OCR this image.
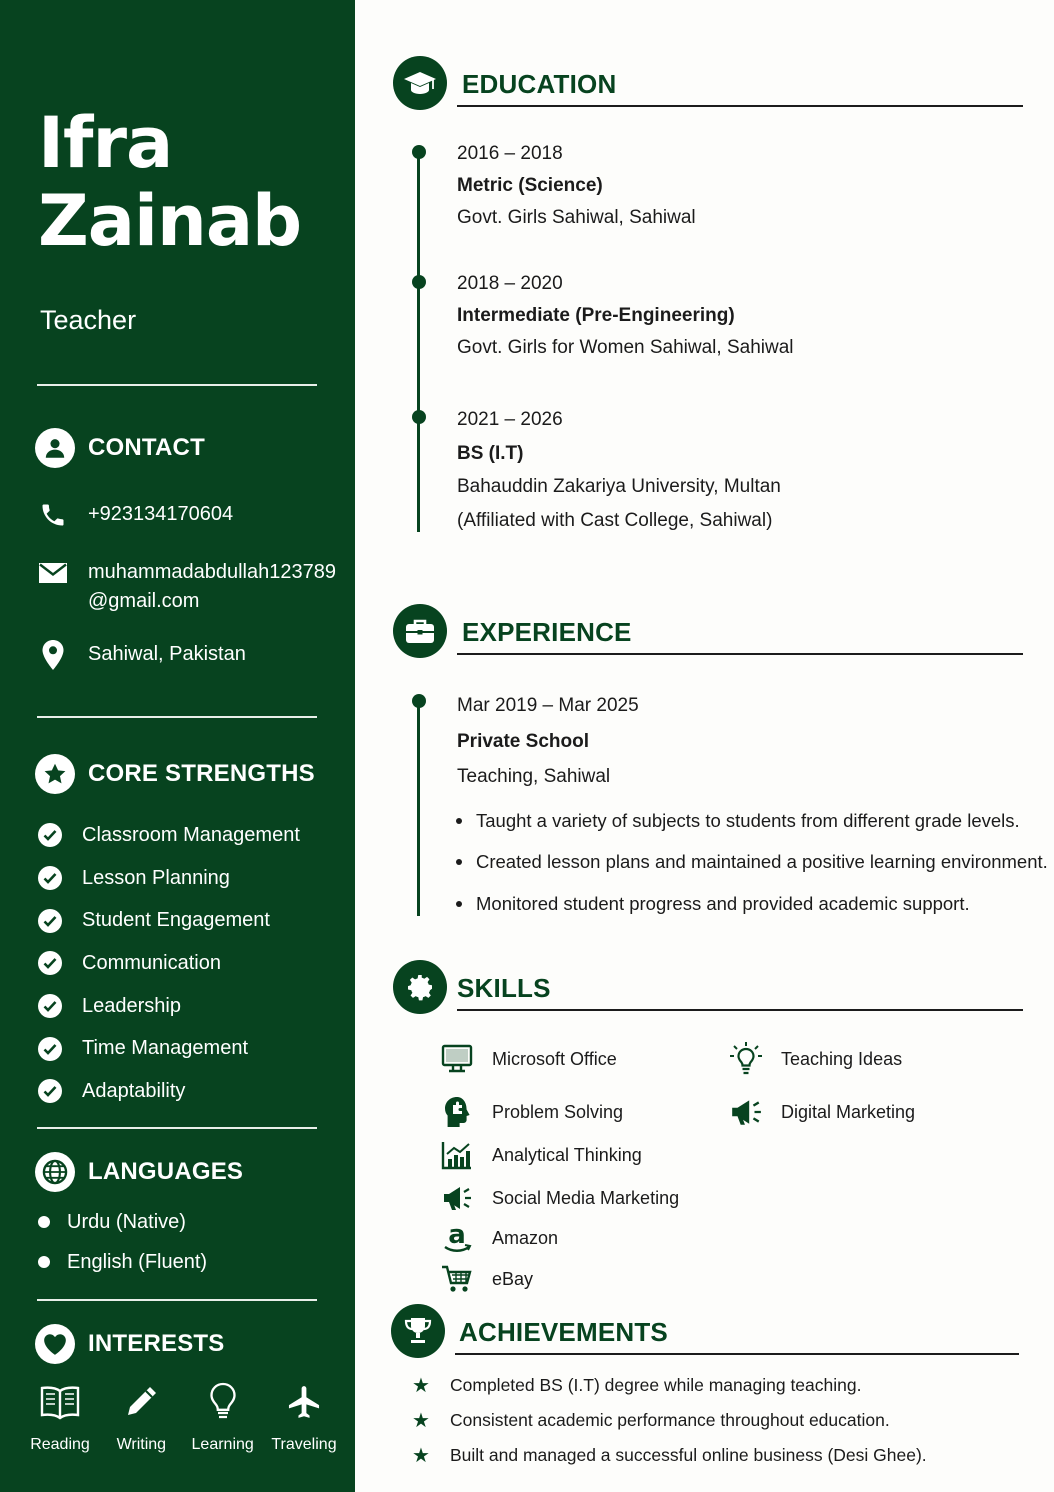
Ifra
Zainab
Teacher
CONTACT
+923134170604
muhammadabdullah123789
@gmail.com
Sahiwal, Pakistan
CORE STRENGTHS
Classroom Management
Lesson Planning
Student Engagement
Communication
Leadership
Time Management
Adaptability
LANGUAGES
Urdu (Native)
English (Fluent)
INTERESTS
Reading Writing Learning Traveling
EDUCATION
2016 – 2018
Metric (Science)
Govt. Girls Sahiwal, Sahiwal
2018 – 2020
Intermediate (Pre-Engineering)
Govt. Girls for Women Sahiwal, Sahiwal
2021 – 2026
BS (I.T)
Bahauddin Zakariya University, Multan
(Affiliated with Cast College, Sahiwal)
EXPERIENCE
Mar 2019 – Mar 2025
Private School
Teaching, Sahiwal
Taught a variety of subjects to students from different grade levels.
Created lesson plans and maintained a positive learning environment.
Monitored student progress and provided academic support.
SKILLS
Microsoft Office
Problem Solving
Analytical Thinking
Social Media Marketing
a Amazon
eBay
Teaching Ideas
Digital Marketing
ACHIEVEMENTS
★ Completed BS (I.T) degree while managing teaching.
★ Consistent academic performance throughout education.
★ Built and managed a successful online business (Desi Ghee).
